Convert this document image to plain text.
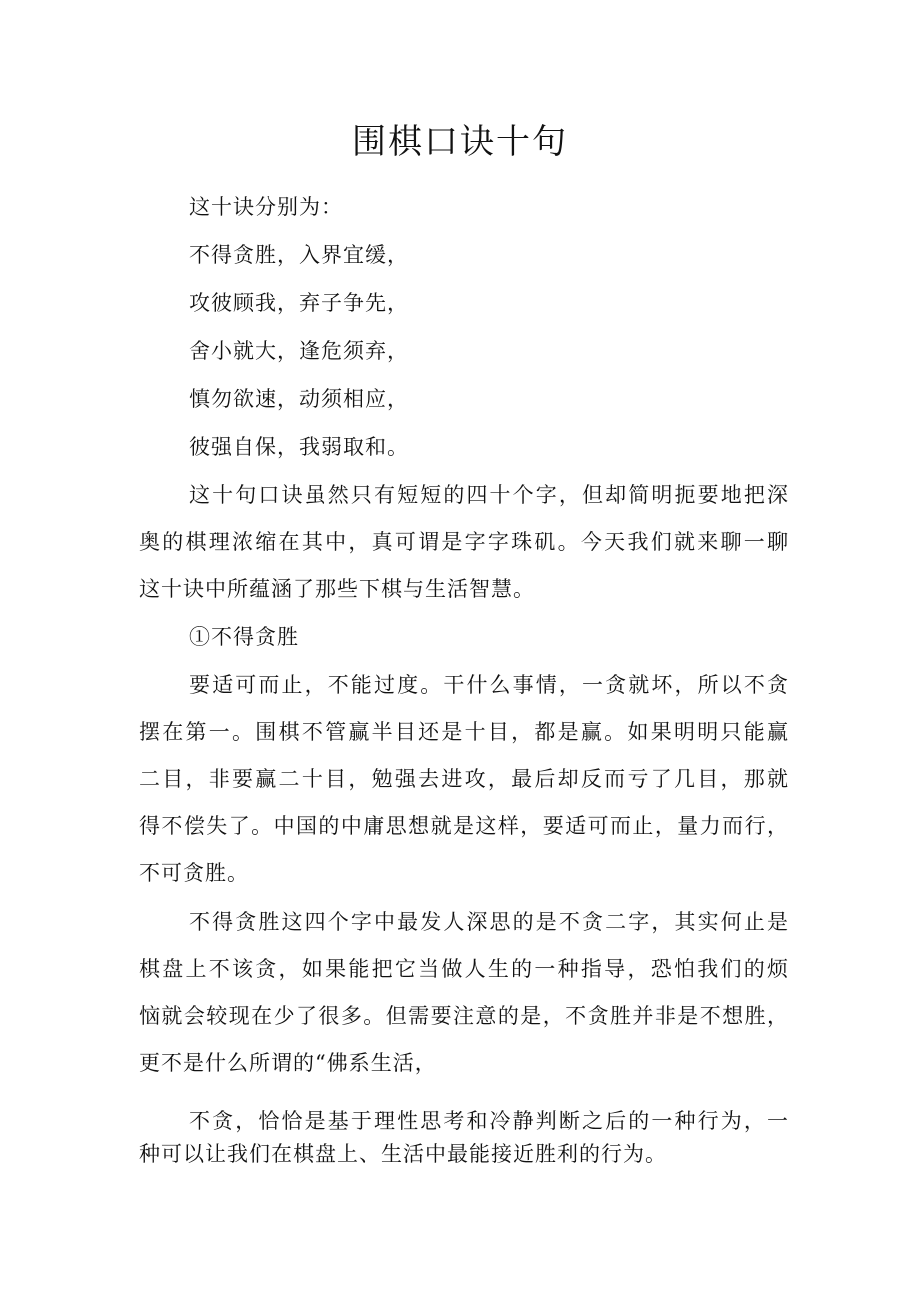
围棋口诀十句

这十诀分别为：

不得贪胜，入界宜缓，

攻彼顾我，弃子争先，

舍小就大，逢危须弃，

慎勿欲速，动须相应，

彼强自保，我弱取和。

这十句口诀虽然只有短短的四十个字，但却简明扼要地把深

奥的棋理浓缩在其中，真可谓是字字珠矶。今天我们就来聊一聊

这十诀中所蕴涵了那些下棋与生活智慧。

①不得贪胜

要适可而止，不能过度。干什么事情，一贪就坏，所以不贪

摆在第一。围棋不管赢半目还是十目，都是赢。如果明明只能赢

二目，非要赢二十目，勉强去进攻，最后却反而亏了几目，那就

得不偿失了。中国的中庸思想就是这样，要适可而止，量力而行，

不可贪胜。

不得贪胜这四个字中最发人深思的是不贪二字，其实何止是

棋盘上不该贪，如果能把它当做人生的一种指导，恐怕我们的烦

恼就会较现在少了很多。但需要注意的是，不贪胜并非是不想胜，

更不是什么所谓的“佛系生活，

不贪，恰恰是基于理性思考和冷静判断之后的一种行为，一

种可以让我们在棋盘上、生活中最能接近胜利的行为。
